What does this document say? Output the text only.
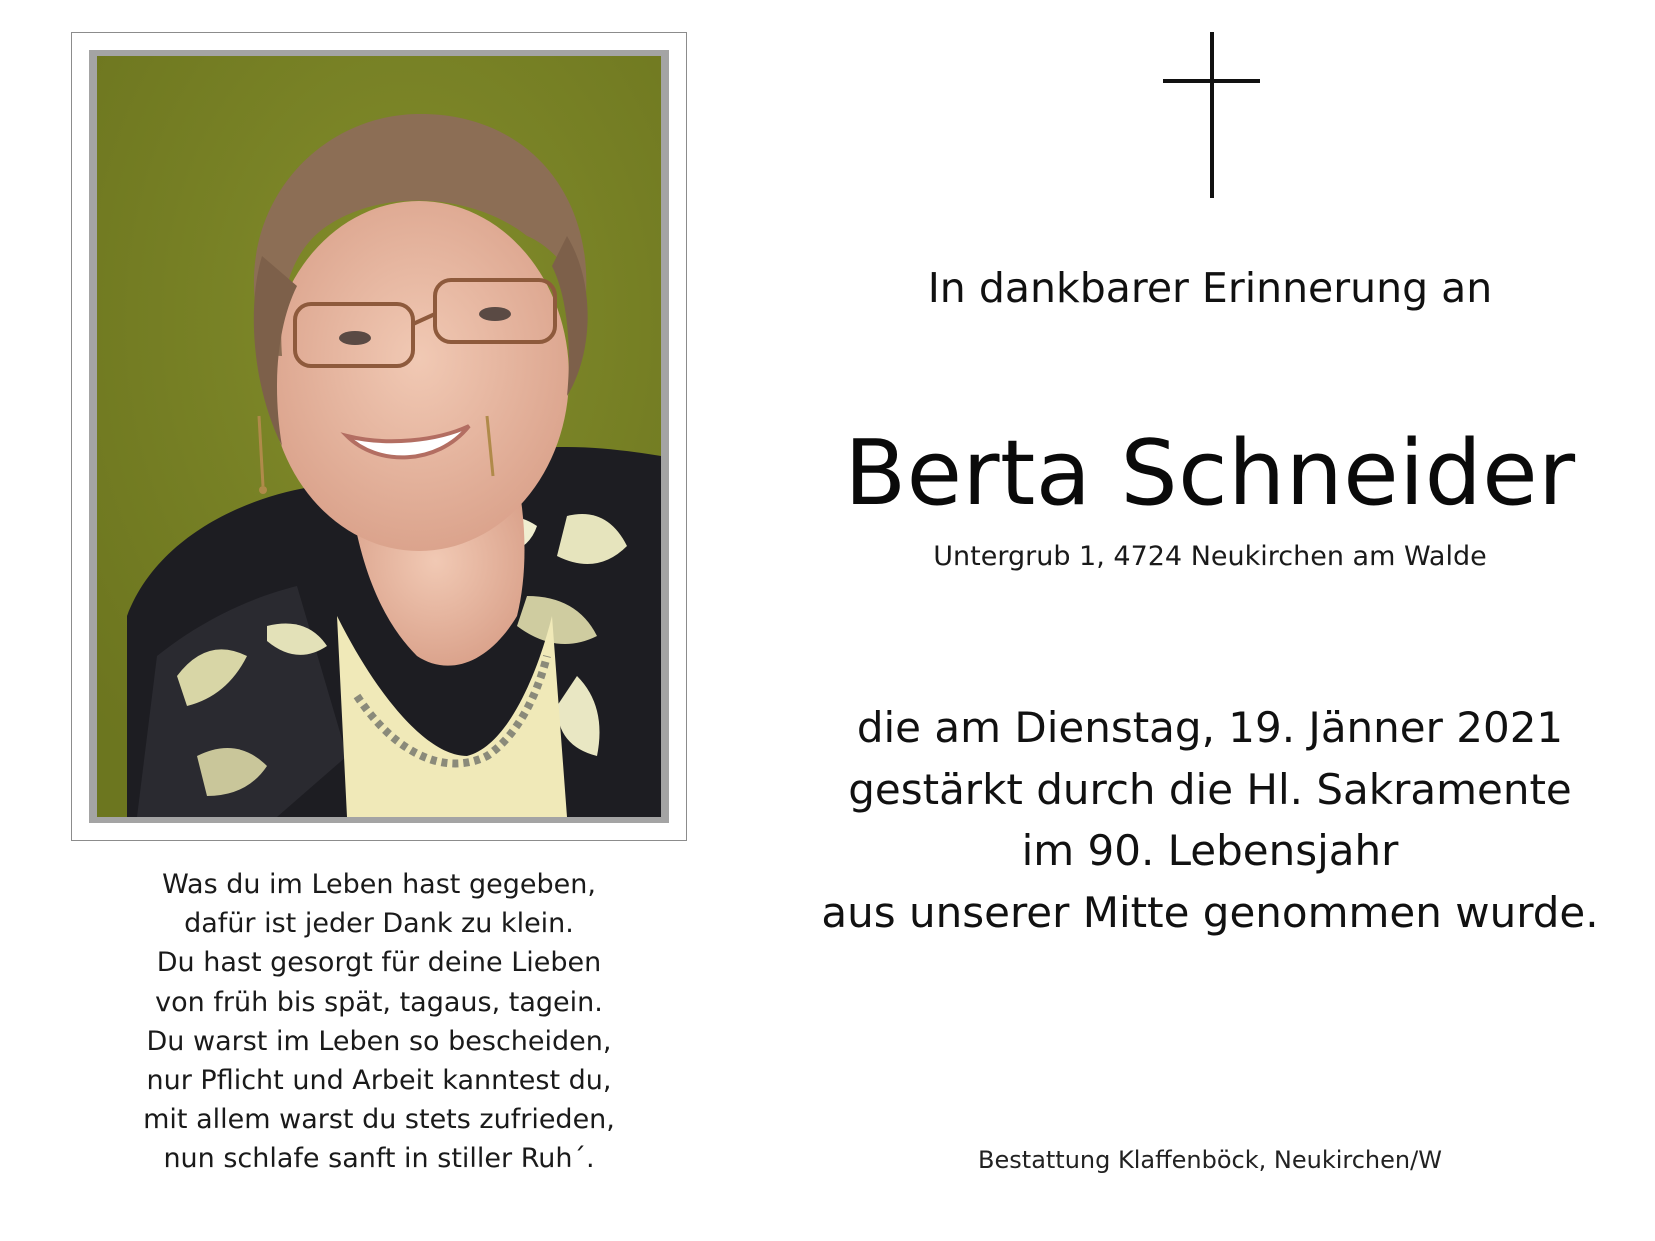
Was du im Leben hast gegeben,
dafür ist jeder Dank zu klein.
Du hast gesorgt für deine Lieben
von früh bis spät, tagaus, tagein.
Du warst im Leben so bescheiden,
nur Pflicht und Arbeit kanntest du,
mit allem warst du stets zufrieden,
nun schlafe sanft in stiller Ruh´.
In dankbarer Erinnerung an
Berta Schneider
Untergrub 1, 4724 Neukirchen am Walde
die am Dienstag, 19. Jänner 2021
gestärkt durch die Hl. Sakramente
im 90. Lebensjahr
aus unserer Mitte genommen wurde.
Bestattung Klaffenböck, Neukirchen/W
